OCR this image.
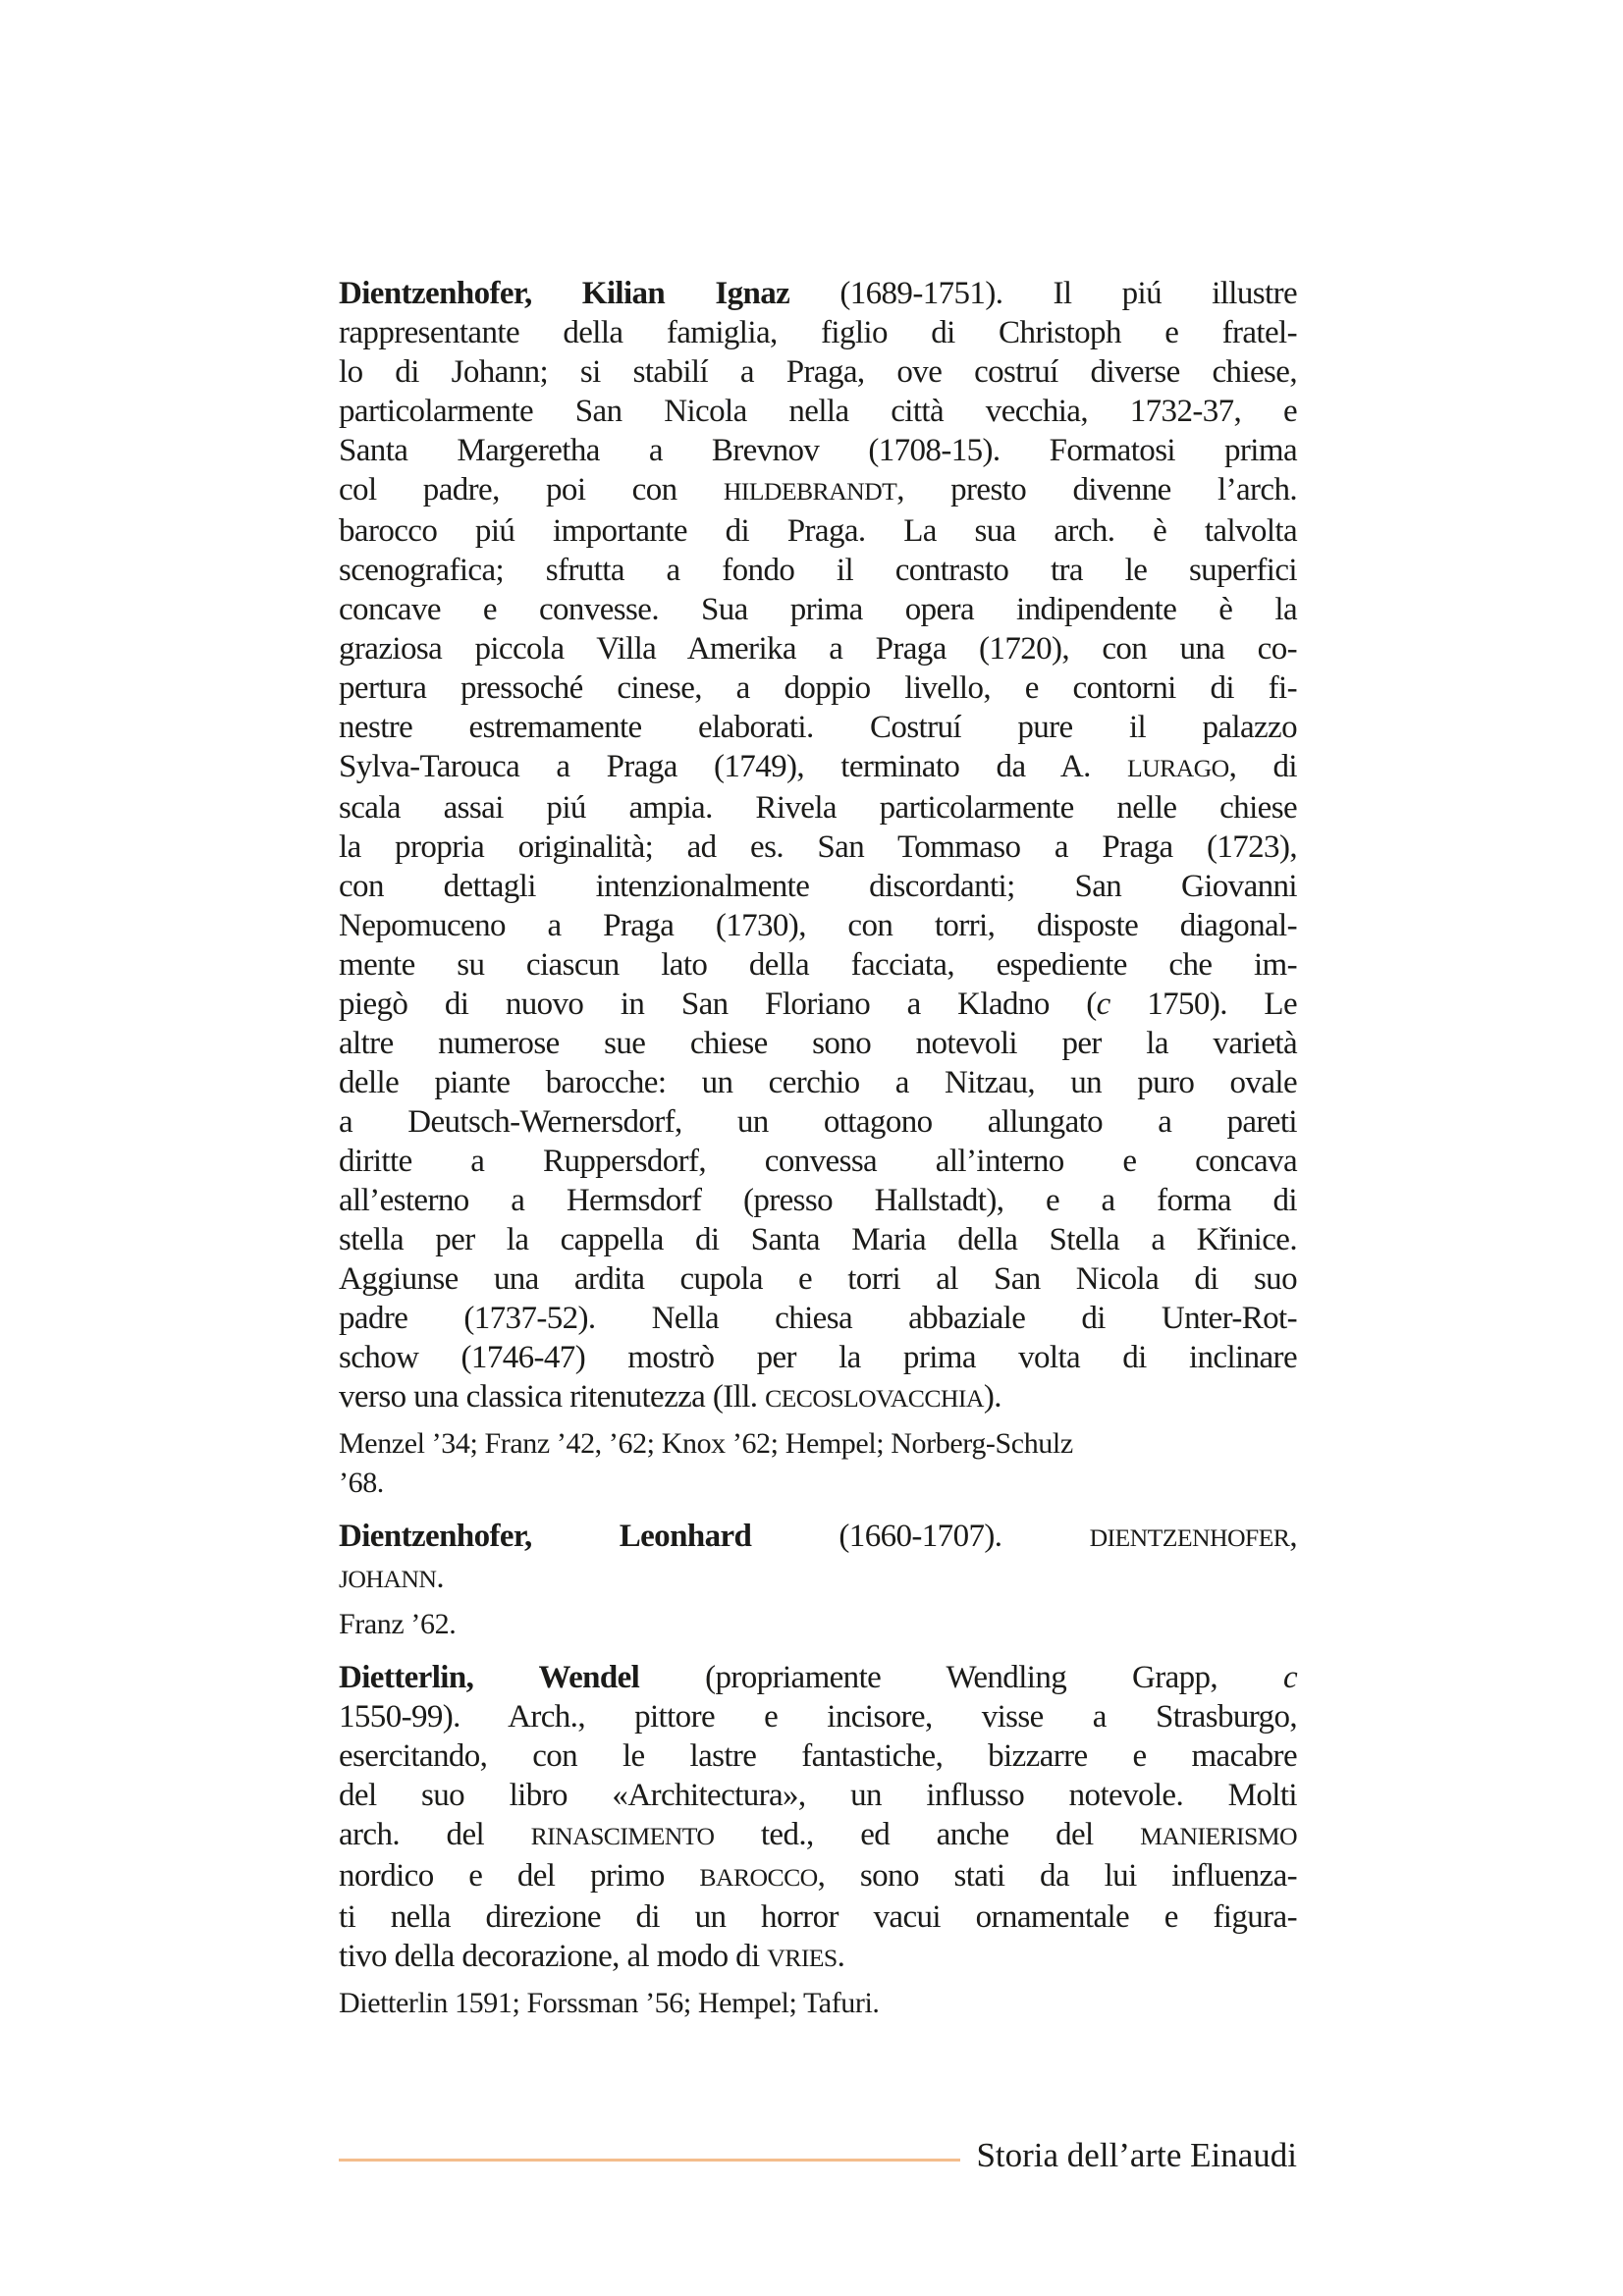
Dientzenhofer, Kilian Ignaz (1689-1751). Il piú illustre
rappresentante della famiglia, figlio di Christoph e fratel-
lo di Johann; si stabilí a Praga, ove costruí diverse chiese,
particolarmente San Nicola nella città vecchia, 1732-37, e
Santa Margeretha a Brevnov (1708-15). Formatosi prima
col padre, poi con HILDEBRANDT, presto divenne l’arch.
barocco piú importante di Praga. La sua arch. è talvolta
scenografica; sfrutta a fondo il contrasto tra le superfici
concave e convesse. Sua prima opera indipendente è la
graziosa piccola Villa Amerika a Praga (1720), con una co-
pertura pressoché cinese, a doppio livello, e contorni di fi-
nestre estremamente elaborati. Costruí pure il palazzo
Sylva-Tarouca a Praga (1749), terminato da A. LURAGO, di
scala assai piú ampia. Rivela particolarmente nelle chiese
la propria originalità; ad es. San Tommaso a Praga (1723),
con dettagli intenzionalmente discordanti; San Giovanni
Nepomuceno a Praga (1730), con torri, disposte diagonal-
mente su ciascun lato della facciata, espediente che im-
piegò di nuovo in San Floriano a Kladno (c 1750). Le
altre numerose sue chiese sono notevoli per la varietà
delle piante barocche: un cerchio a Nitzau, un puro ovale
a Deutsch-Wernersdorf, un ottagono allungato a pareti
diritte a Ruppersdorf, convessa all’interno e concava
all’esterno a Hermsdorf (presso Hallstadt), e a forma di
stella per la cappella di Santa Maria della Stella a Křinice.
Aggiunse una ardita cupola e torri al San Nicola di suo
padre (1737-52). Nella chiesa abbaziale di Unter-Rot-
schow (1746-47) mostrò per la prima volta di inclinare
verso una classica ritenutezza (Ill. CECOSLOVACCHIA).

Menzel ’34; Franz ’42, ’62; Knox ’62; Hempel; Norberg-Schulz
’68.

Dientzenhofer, Leonhard (1660-1707). DIENTZENHOFER,
JOHANN.

Franz ’62.

Dietterlin, Wendel (propriamente Wendling Grapp, c
1550-99). Arch., pittore e incisore, visse a Strasburgo,
esercitando, con le lastre fantastiche, bizzarre e macabre
del suo libro «Architectura», un influsso notevole. Molti
arch. del RINASCIMENTO ted., ed anche del MANIERISMO
nordico e del primo BAROCCO, sono stati da lui influenza-
ti nella direzione di un horror vacui ornamentale e figura-
tivo della decorazione, al modo di VRIES.

Dietterlin 1591; Forssman ’56; Hempel; Tafuri.

Storia dell’arte Einaudi
